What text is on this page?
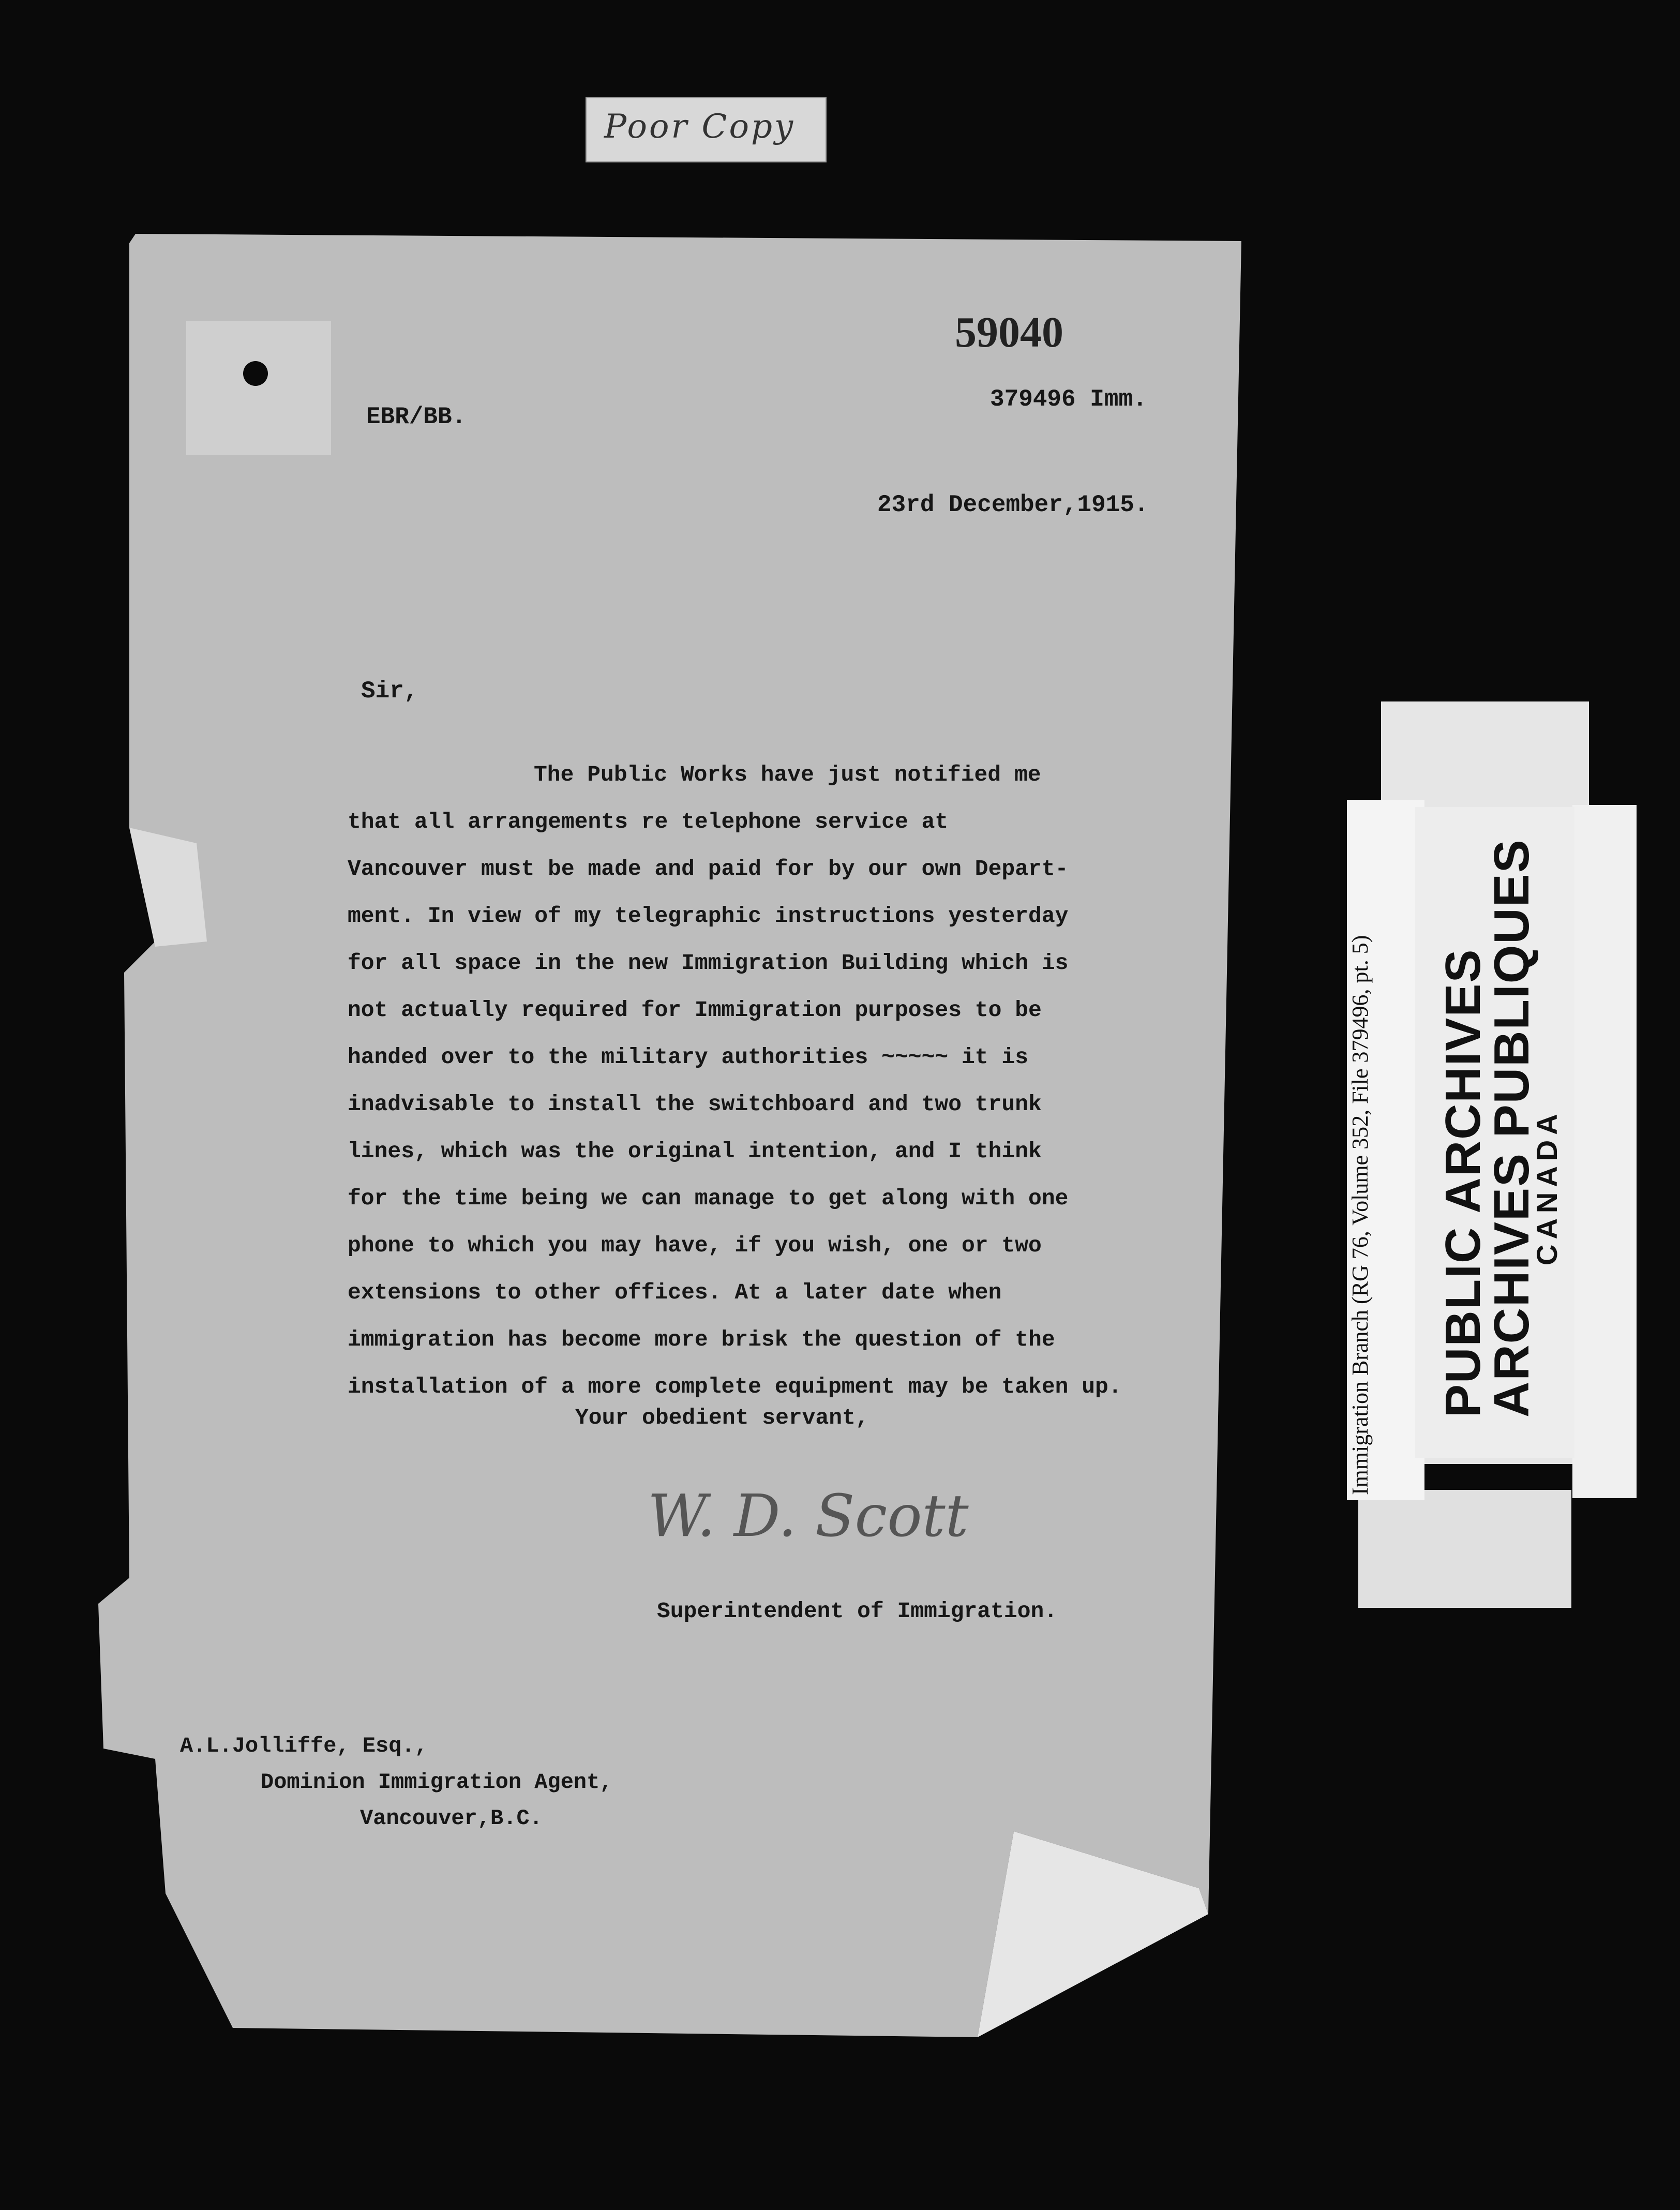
Poor Copy
59040
379496 Imm.
EBR/BB.
23rd December,1915.
Sir,
The Public Works have just notified me
that all arrangements re telephone service at
Vancouver must be made and paid for by our own Depart-
ment. In view of my telegraphic instructions yesterday
for all space in the new Immigration Building which is
not actually required for Immigration purposes to be
handed over to the military authorities ~~~~~ it is
inadvisable to install the switchboard and two trunk
lines, which was the original intention, and I think
for the time being we can manage to get along with one
phone to which you may have, if you wish, one or two
extensions to other offices. At a later date when
immigration has become more brisk the question of the
installation of a more complete equipment may be taken up.
Your obedient servant,
W. D. Scott
Superintendent of Immigration.
A.L.Jolliffe, Esq.,
Dominion Immigration Agent,
Vancouver,B.C.
Immigration Branch (RG 76, Volume 352, File 379496, pt. 5) PUBLIC ARCHIVES
ARCHIVES PUBLIQUES
CANADA
